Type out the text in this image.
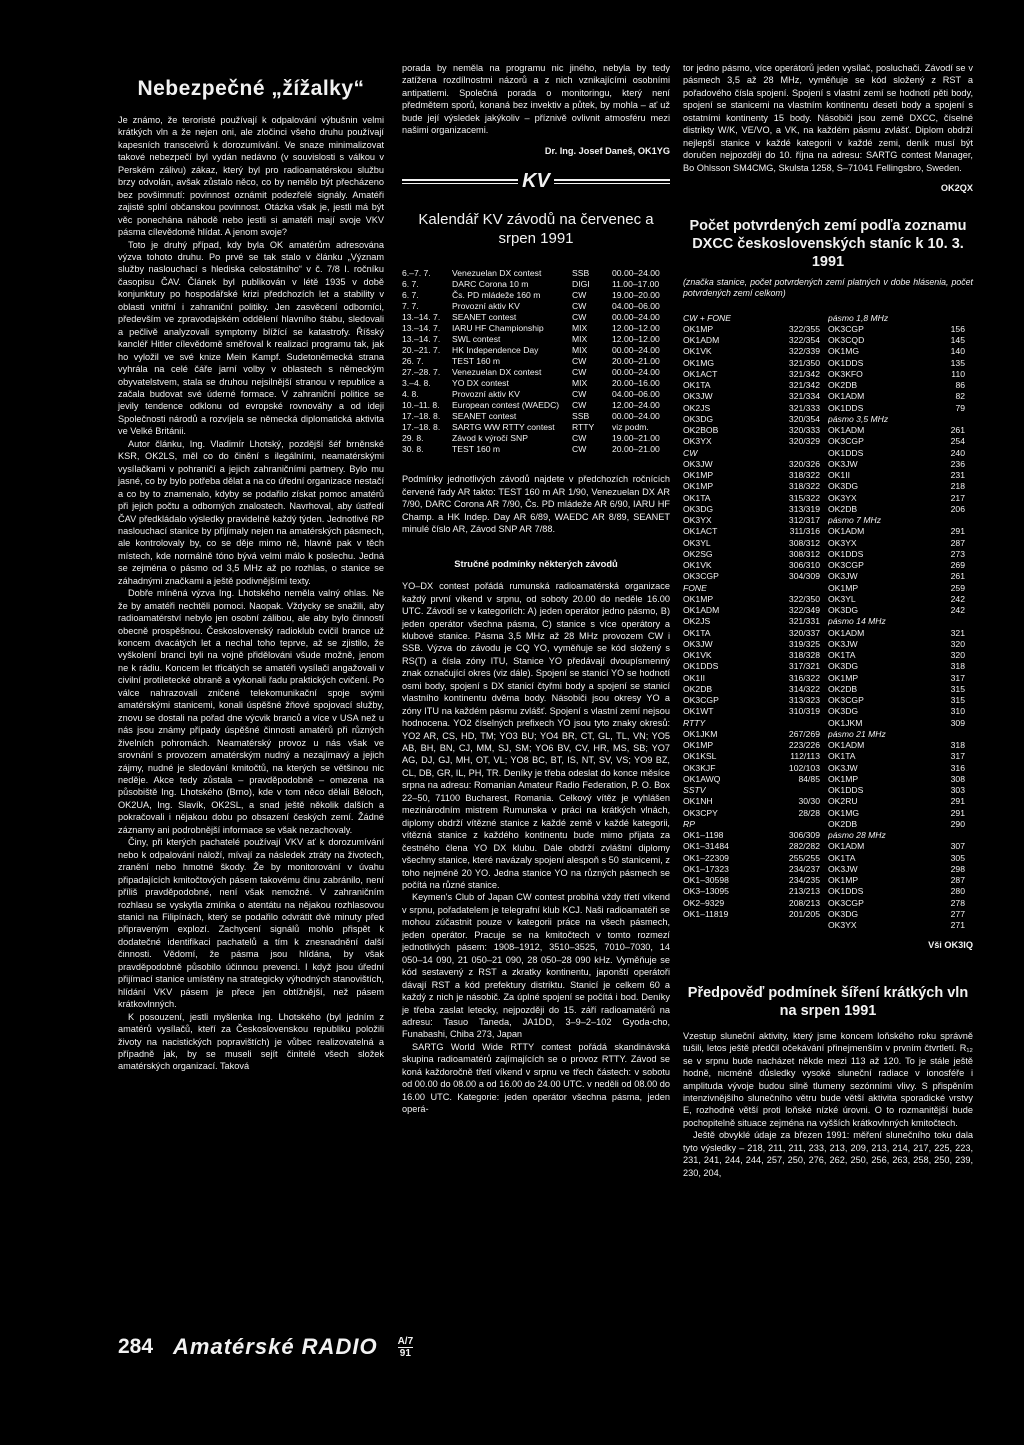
Nebezpečné „žížalky“

Je známo, že teroristé používají k odpalování výbušnin velmi krátkých vln a že nejen oni, ale zločinci všeho druhu používají kapesních transceivrů k dorozumívání. Ve snaze minimalizovat takové nebezpečí byl vydán nedávno (v souvislosti s válkou v Perském zálivu) zákaz, který byl pro radioamatérskou službu brzy odvolán, avšak zůstalo něco, co by nemělo být přecházeno bez povšimnutí: povinnost oznámit podezřelé signály. Amatéři zajisté splní občanskou povinnost. Otázka však je, jestli má být věc ponechána náhodě nebo jestli si amatéři mají svoje VKV pásma cílevědomě hlídat. A jenom svoje?

Toto je druhý případ, kdy byla OK amatérům adresována výzva tohoto druhu. Po prvé se tak stalo v článku „Význam služby naslouchací s hlediska celostátního“ v č. 7/8 I. ročníku časopisu ČAV. Článek byl publikován v létě 1935 v době konjunktury po hospodářské krizi předchozích let a stability v oblasti vnitřní i zahraniční politiky. Jen zasvěcení odborníci, především ve zpravodajském oddělení hlavního štábu, sledovali a pečlivě analyzovali symptomy blížící se katastrofy. Říšský kancléř Hitler cílevědomě směřoval k realizaci programu tak, jak ho vyložil ve své knize Mein Kampf. Sudetoněmecká strana vyhrála na celé čáře jarní volby v oblastech s německým obyvatelstvem, stala se druhou nejsilnější stranou v republice a začala budovat své úderné formace. V zahraniční politice se jevily tendence odklonu od evropské rovnováhy a od ideji Společnosti národů a rozvíjela se německá diplomatická aktivita ve Velké Británii.

Autor článku, Ing. Vladimír Lhotský, pozdější šéf brněnské KSR, OK2LS, měl co do činění s ilegálními, neamatérskými vysílačkami v pohraničí a jejich zahraničními partnery. Bylo mu jasné, co by bylo potřeba dělat a na co úřední organizace nestačí a co by to znamenalo, kdyby se podařilo získat pomoc amatérů při jejich počtu a odborných znalostech. Navrhoval, aby ústředí ČAV předkládalo výsledky pravidelně každý týden. Jednotlivé RP naslouchací stanice by přijímaly nejen na amatérských pásmech, ale kontrolovaly by, co se děje mimo ně, hlavně pak v těch místech, kde normálně tóno bývá velmi málo k poslechu. Jedná se zejména o pásmo od 3,5 MHz až po rozhlas, o stanice se záhadnými značkami a ještě podivnějšími texty.

Dobře míněná výzva Ing. Lhotského neměla valný ohlas. Ne že by amatéři nechtěli pomoci. Naopak. Vždycky se snažili, aby radioamatérství nebylo jen osobní zálibou, ale aby bylo činností obecně prospěšnou. Československý radioklub cvičil brance už koncem dvacátých let a nechal toho teprve, až se zjistilo, že vyškolení branci byli na vojně přidělováni všude možně, jenom ne k rádiu. Koncem let třicátých se amatéři vysílači angažovali v civilní protiletecké obraně a vykonali řadu praktických cvičení. Po válce nahrazovali zničené telekomunikační spoje svými amatérskými stanicemi, konali úspěšné žňové spojovací služby, znovu se dostali na pořad dne výcvik branců a více v USA než u nás jsou známy případy úspěšné činnosti amatérů při různých živelních pohromách. Neamatérský provoz u nás však ve srovnání s provozem amatérským nudný a nezajímavý a jejich zájmy, nudné je sledování kmitočtů, na kterých se většinou nic neděje. Akce tedy zůstala – pravděpodobně – omezena na působiště Ing. Lhotského (Brno), kde v tom něco dělali Běloch, OK2UA, Ing. Slavík, OK2SL, a snad ještě několik dalších a pokračovali i nějakou dobu po obsazení českých zemí. Žádné záznamy ani podrobnější informace se však nezachovaly.

Činy, při kterých pachatelé používají VKV ať k dorozumívání nebo k odpalování náloží, mívají za následek ztráty na životech, zranění nebo hmotné škody. Že by monitorování v úvahu připadajících kmitočtových pásem takovému činu zabránilo, není příliš pravděpodobné, není však nemožné. V zahraničním rozhlasu se vyskytla zmínka o atentátu na nějakou rozhlasovou stanici na Filipínách, který se podařilo odvrátit dvě minuty před připraveným explozí. Zachycení signálů mohlo přispět k dodatečné identifikaci pachatelů a tím k znesnadnění další činnosti. Vědomí, že pásma jsou hlídána, by však pravděpodobně působilo účinnou prevenci. I když jsou úřední přijímací stanice umístěny na strategicky výhodných stanovištích, hlídání VKV pásem je přece jen obtížnější, než pásem krátkovlnných.

K posouzení, jestli myšlenka Ing. Lhotského (byl jedním z amatérů vysílačů, kteří za Československou republiku položili životy na nacistických popravištích) je vůbec realizovatelná a případně jak, by se museli sejít činitelé všech složek amatérských organizací. Taková

porada by neměla na programu nic jiného, nebyla by tedy zatížena rozdílnostmi názorů a z nich vznikajícími osobními antipatiemi. Společná porada o monitoringu, který není předmětem sporů, konaná bez invektiv a půtek, by mohla – ať už bude její výsledek jakýkoliv – příznivě ovlivnit atmosféru mezi našimi organizacemi.

Dr. Ing. Josef Daneš, OK1YG
KV
Kalendář KV závodů na červenec a srpen 1991
6.–7. 7.	Venezuelan DX contest	SSB	00.00–24.00
6. 7.	DARC Corona 10 m	DIGI	11.00–17.00
6. 7.	Čs. PD mládeže 160 m	CW	19.00–20.00
7. 7.	Provozní aktiv KV	CW	04.00–06.00
13.–14. 7.	SEANET contest	CW	00.00–24.00
13.–14. 7.	IARU HF Championship	MIX	12.00–12.00
13.–14. 7.	SWL contest	MIX	12.00–12.00
20.–21. 7.	HK Independence Day	MIX	00.00–24.00
26. 7.	TEST 160 m	CW	20.00–21.00
27.–28. 7.	Venezuelan DX contest	CW	00.00–24.00
3.–4. 8.	YO DX contest	MIX	20.00–16.00
4. 8.	Provozní aktiv KV	CW	04.00–06.00
10.–11. 8.	European contest (WAEDC)	CW	12.00–24.00
17.–18. 8.	SEANET contest	SSB	00.00–24.00
17.–18. 8.	SARTG WW RTTY contest	RTTY	viz podm.
29. 8.	Závod k výročí SNP	CW	19.00–21.00
30. 8.	TEST 160 m	CW	20.00–21.00

Podmínky jednotlivých závodů najdete v předchozích ročnících červené řady AR takto: TEST 160 m AR 1/90, Venezuelan DX AR 7/90, DARC Corona AR 7/90, Čs. PD mládeže AR 6/90, IARU HF Champ. a HK Indep. Day AR 6/89, WAEDC AR 8/89, SEANET minulé číslo AR, Závod SNP AR 7/88.

Stručné podmínky některých závodů

YO–DX contest pořádá rumunská radioamatérská organizace každý první víkend v srpnu, od soboty 20.00 do neděle 16.00 UTC. Závodí se v kategoriích: A) jeden operátor jedno pásmo, B) jeden operátor všechna pásma, C) stanice s více operátory a klubové stanice. Pásma 3,5 MHz až 28 MHz provozem CW i SSB. Výzva do závodu je CQ YO, vyměňuje se kód složený s RS(T) a čísla zóny ITU, Stanice YO předávají dvoupísmenný znak označující okres (viz dále). Spojení se stanicí YO se hodnotí osmi body, spojení s DX stanicí čtyřmi body a spojení se stanicí vlastního kontinentu dvěma body. Násobiči jsou okresy YO a zóny ITU na každém pásmu zvlášť. Spojení s vlastní zemí nejsou hodnocena. YO2 číselných prefixech YO jsou tyto znaky okresů: YO2 AR, CS, HD, TM; YO3 BU; YO4 BR, CT, GL, TL, VN; YO5 AB, BH, BN, CJ, MM, SJ, SM; YO6 BV, CV, HR, MS, SB; YO7 AG, DJ, GJ, MH, OT, VL; YO8 BC, BT, IS, NT, SV, VS; YO9 BZ, CL, DB, GR, IL, PH, TR. Deníky je třeba odeslat do konce měsíce srpna na adresu: Romanian Amateur Radio Federation, P. O. Box 22–50, 71100 Bucharest, Romania. Celkový vítěz je vyhlášen mezinárodním mistrem Rumunska v práci na krátkých vlnách, diplomy obdrží vítězné stanice z každé země v každé kategorii, vítězná stanice z každého kontinentu bude mimo přijata za čestného člena YO DX klubu. Dále obdrží zvláštní diplomy všechny stanice, které navázaly spojení alespoň s 50 stanicemi, z toho nejméně 20 YO. Jedna stanice YO na různých pásmech se počítá na různé stanice.

Keymen's Club of Japan CW contest probíhá vždy třetí víkend v srpnu, pořadatelem je telegrafní klub KCJ. Naši radioamatéři se mohou zúčastnit pouze v kategorii práce na všech pásmech, jeden operátor. Pracuje se na kmitočtech v tomto rozmezí jednotlivých pásem: 1908–1912, 3510–3525, 7010–7030, 14 050–14 090, 21 050–21 090, 28 050–28 090 kHz. Vyměňuje se kód sestavený z RST a zkratky kontinentu, japonští operátoři dávají RST a kód prefektury distriktu. Stanicí je celkem 60 a každý z nich je násobič. Za úplné spojení se počítá i bod. Deníky je třeba zaslat letecky, nejpozději do 15. září radioamatérů na adresu: Tasuo Taneda, JA1DD, 3–9–2–102 Gyoda-cho, Funabashi, Chiba 273, Japan

SARTG World Wide RTTY contest pořádá skandinávská skupina radioamatérů zajímajících se o provoz RTTY. Závod se koná každoročně třetí víkend v srpnu ve třech částech: v sobotu od 00.00 do 08.00 a od 16.00 do 24.00 UTC. v neděli od 08.00 do 16.00 UTC. Kategorie: jeden operátor všechna pásma, jeden operá-

tor jedno pásmo, více operátorů jeden vysílač, posluchači. Závodí se v pásmech 3,5 až 28 MHz, vyměňuje se kód složený z RST a pořadového čísla spojení. Spojení s vlastní zemí se hodnotí pěti body, spojení se stanicemi na vlastním kontinentu deseti body a spojení s ostatními kontinenty 15 body. Násobiči jsou země DXCC, číselné distrikty W/K, VE/VO, a VK, na každém pásmu zvlášť. Diplom obdrží nejlepší stanice v každé kategorii v každé zemi, deník musí být doručen nejpozději do 10. října na adresu: SARTG contest Manager, Bo Ohlsson SM4CMG, Skulsta 1258, S–71041 Fellingsbro, Sweden.

OK2QX
Počet potvrdených zemí podľa zoznamu DXCC československých staníc k 10. 3. 1991
(značka stanice, počet potvrdených zemí platných v dobe hlásenia, počet potvrdených zemí celkom)
CW + FONE
OK1MP	322/355
OK1ADM	322/354
OK1VK	322/339
OK1MG	321/350
OK1ACT	321/342
OK1TA	321/342
OK3JW	321/334
OK2JS	321/333
OK3DG	320/354
OK2BOB	320/333
OK3YX	320/329
CW
OK3JW	320/326
OK1MP	318/322
OK1MP	318/322
OK1TA	315/322
OK3DG	313/319
OK3YX	312/317
OK1ACT	311/316
OK3YL	308/312
OK2SG	308/312
OK1VK	306/310
OK3CGP	304/309
FONE
OK1MP	322/350
OK1ADM	322/349
OK2JS	321/331
OK1TA	320/337
OK3JW	319/325
OK1VK	318/328
OK1DDS	317/321
OK1II	316/322
OK2DB	314/322
OK3CGP	313/323
OK1WT	310/319
RTTY
OK1JKM	267/269
OK1MP	223/226
OK1KSL	112/113
OK3KJF	102/103
OK1AWQ	84/85
SSTV
OK1NH	30/30
OK3CPY	28/28
RP
OK1–1198	306/309
OK1–31484	282/282
OK1–22309	255/255
OK1–17323	234/237
OK1–30598	234/235
OK3–13095	213/213
OK2–9329	208/213
OK1–11819	201/205
pásmo 1,8 MHz
OK3CGP	156
OK3CQD	145
OK1MG	140
OK1DDS	135
OK3KFO	110
OK2DB	86
OK1ADM	82
OK1DDS	79
pásmo 3,5 MHz
OK1ADM	261
OK3CGP	254
OK1DDS	240
OK3JW	236
OK1II	231
OK3DG	218
OK3YX	217
OK2DB	206
pásmo 7 MHz
OK1ADM	291
OK3YX	287
OK1DDS	273
OK3CGP	269
OK3JW	261
OK1MP	259
OK3YL	242
OK3DG	242
pásmo 14 MHz
OK1ADM	321
OK3JW	320
OK1TA	320
OK3DG	318
OK1MP	317
OK2DB	315
OK3CGP	315
OK3DG	310
OK1JKM	309
pásmo 21 MHz
OK1ADM	318
OK1TA	317
OK3JW	316
OK1MP	308
OK1DDS	303
OK2RU	291
OK1MG	291
OK2DB	290
pásmo 28 MHz
OK1ADM	307
OK1TA	305
OK3JW	298
OK1MP	287
OK1DDS	280
OK3CGP	278
OK3DG	277
OK3YX	271
Vši OK3IQ
Předpověď podmínek šíření krátkých vln na srpen 1991

Vzestup sluneční aktivity, který jsme koncem loňského roku správně tušili, letos ještě předčil očekávání přinejmenším v prvním čtvrtletí. R₁₂ se v srpnu bude nacházet někde mezi 113 až 120. To je stále ještě hodně, nicméně důsledky vysoké sluneční radiace v ionosféře i amplituda vývoje budou silně tlumeny sezónními vlivy. S přispěním intenzivnějšího slunečního větru bude větší aktivita sporadické vrstvy E, rozhodně větší proti loňské nízké úrovni. O to rozmanitější bude pochopitelně situace zejména na vyšších krátkovlnných kmitočtech.

Ještě obvyklé údaje za březen 1991: měření slunečního toku dala tyto výsledky – 218, 211, 211, 233, 213, 209, 213, 214, 217, 225, 223, 231, 241, 244, 244, 257, 250, 276, 262, 250, 256, 263, 258, 250, 239, 230, 204,

284 Amatérské RADIO A/7
91
